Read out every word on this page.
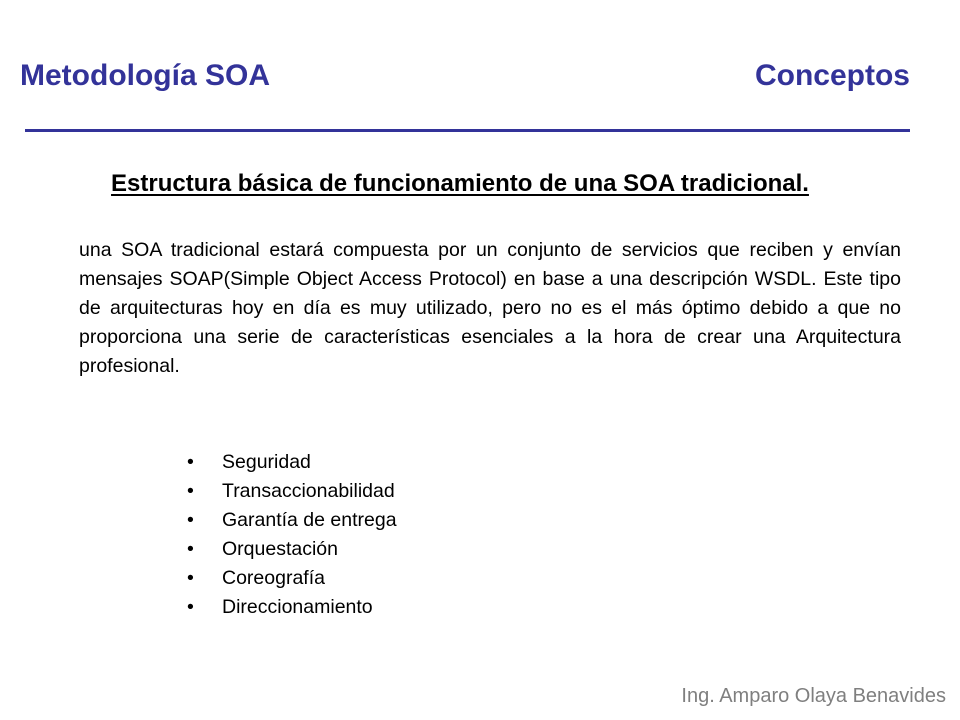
Metodología SOA	Conceptos
Estructura básica de funcionamiento de una SOA tradicional.

una SOA tradicional estará compuesta por un conjunto de servicios que reciben y envían mensajes SOAP(Simple Object Access Protocol) en base a una descripción WSDL. Este tipo de arquitecturas hoy en día es muy utilizado, pero no es el más óptimo debido a que no proporciona una serie de características esenciales a la hora de crear una Arquitectura profesional.

• Seguridad
• Transaccionabilidad
• Garantía de entrega
• Orquestación
• Coreografía
• Direccionamiento
Ing. Amparo Olaya Benavides
